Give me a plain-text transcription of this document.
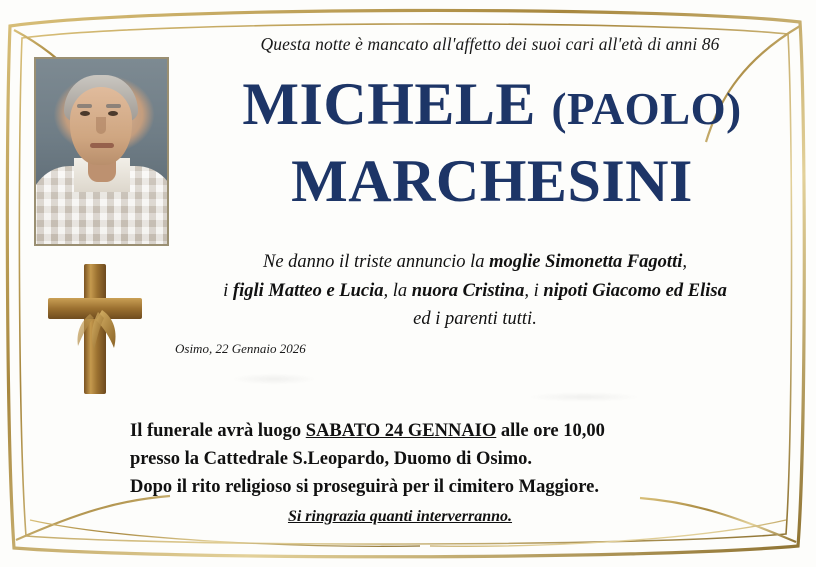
Questa notte è mancato all'affetto dei suoi cari all'età di anni 86
MICHELE (PAOLO)
MARCHESINI
Ne danno il triste annuncio la moglie Simonetta Fagotti,
i figli Matteo e Lucia, la nuora Cristina, i nipoti Giacomo ed Elisa
ed i parenti tutti.
Osimo, 22 Gennaio 2026
Il funerale avrà luogo SABATO 24 GENNAIO alle ore 10,00
presso la Cattedrale S.Leopardo, Duomo di Osimo.
Dopo il rito religioso si proseguirà per il cimitero Maggiore.
Si ringrazia quanti interverranno.
